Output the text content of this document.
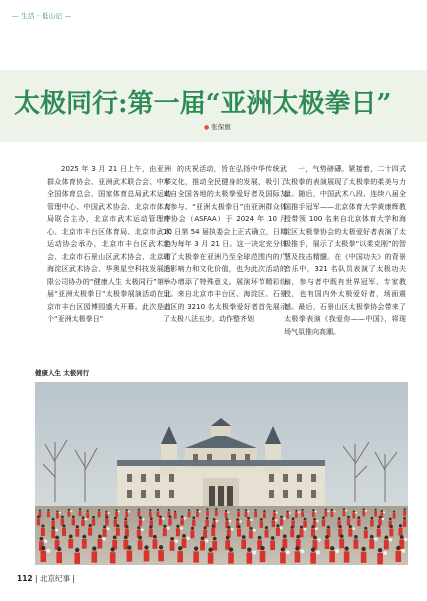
— 生活 · 低山记 —
太极同行:第一届“亚洲太极拳日”
● 张保旗

2025 年 3 月 21 日上午，由亚洲群众体育协会、亚洲武术联合会、中华全国体育总会、国家体育总局武术运动管理中心、中国武术协会、北京市体育局联合主办，北京市武术运动管理中心、北京市丰台区体育局、北京市武术运动协会承办，北京市丰台区武术协会、北京市石景山区武术协会、北京市海淀区武术协会、华奥星空科技发展有限公司协办的“健康人生 太极同行”第一届“亚洲太极拳日”太极拳展演活动在北京市丰台区园博园盛大开幕。此次是首个“亚洲太极拳日”

的庆祝活动，旨在弘扬中华传统武术文化，推动全民健身的发展，吸引了来自全国各地的太极拳爱好者及国际友人参与。“亚洲太极拳日”由亚洲群众体育协会（ASFAA）于 2024 年 10 月 10 日第 54 届执委会上正式确立，日期定为每年 3 月 21 日。这一决定充分体现了太极拳在亚洲乃至全球范围内的广泛影响力和文化价值，也为此次活动的举办增添了特殊意义。展演环节精彩纷呈。来自北京市丰台区、海淀区、石景山区的 3210 名太极拳爱好者首先展示了太极八法五步，动作整齐划

一，气势磅礴。紧接着，二十四式太极拳的表演展现了太极拳的柔美与力量。随后，中国武术八段、连续八届全国推手冠军——北京体育大学黄康辉教授带领 100 名来自北京体育大学和海淀区太极拳协会的太极爱好者表演了太极推手，展示了太极拳“以柔克刚”的智慧及技击精髓。在《中国功夫》的背景音乐中，321 名队员表演了太极功夫扇，参与者中既有世界冠军、专家教授，也有国内外太极爱好者，场面震撼。最后，石景山区太极拳协会带来了太极拳表演《我爱你——中国》，将现场气氛推向高潮。

健康人生 太极同行
112 | 北京纪事 |
